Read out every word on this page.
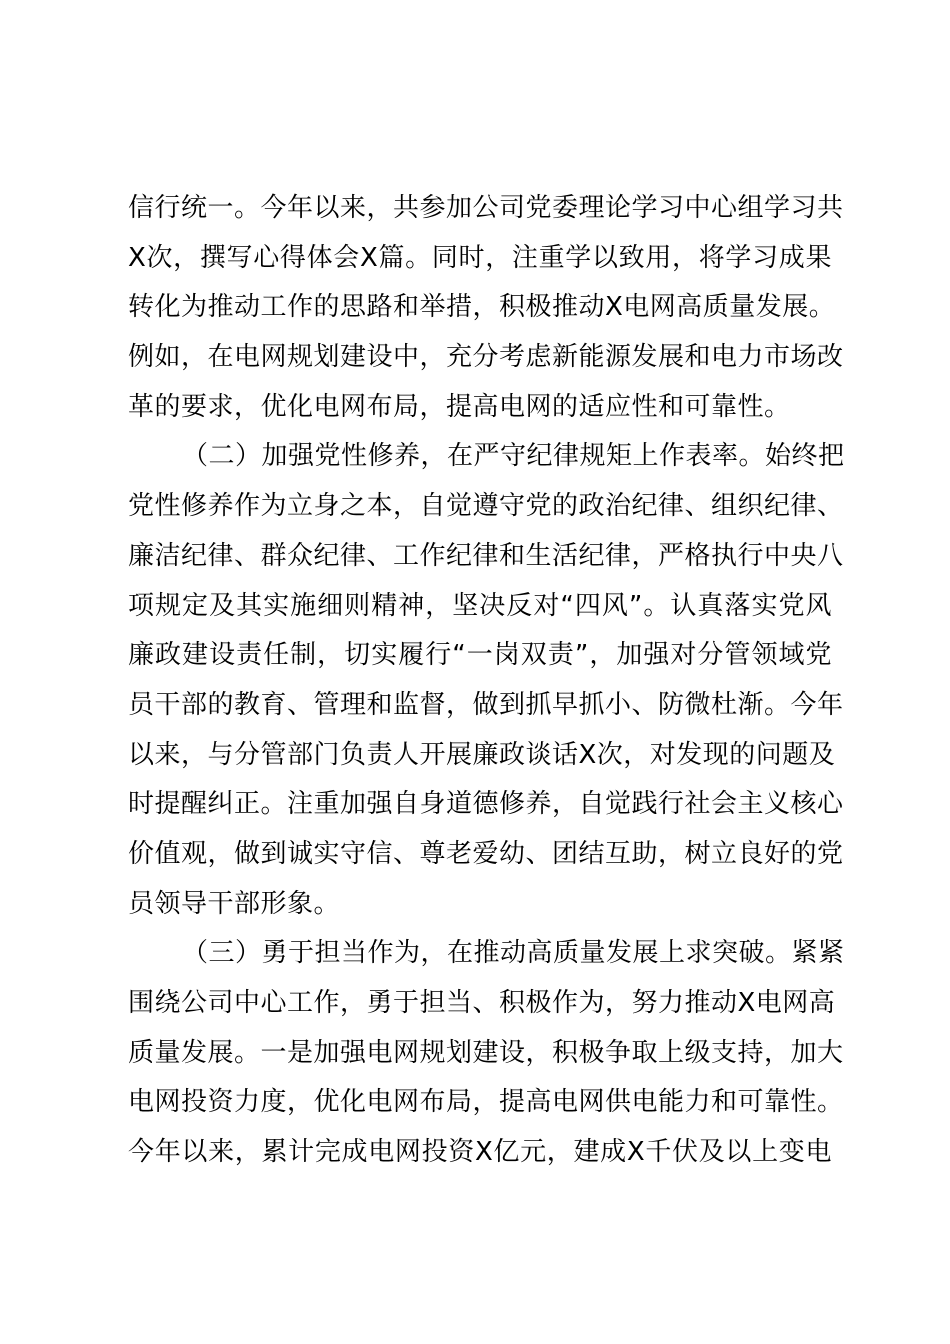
信行统一。今年以来，共参加公司党委理论学习中心组学习共
X次，撰写心得体会X篇。同时，注重学以致用，将学习成果
转化为推动工作的思路和举措，积极推动X电网高质量发展。
例如，在电网规划建设中，充分考虑新能源发展和电力市场改
革的要求，优化电网布局，提高电网的适应性和可靠性。
（二）加强党性修养，在严守纪律规矩上作表率。始终把
党性修养作为立身之本，自觉遵守党的政治纪律、组织纪律、
廉洁纪律、群众纪律、工作纪律和生活纪律，严格执行中央八
项规定及其实施细则精神，坚决反对“四风”。认真落实党风
廉政建设责任制，切实履行“一岗双责”，加强对分管领域党
员干部的教育、管理和监督，做到抓早抓小、防微杜渐。今年
以来，与分管部门负责人开展廉政谈话X次，对发现的问题及
时提醒纠正。注重加强自身道德修养，自觉践行社会主义核心
价值观，做到诚实守信、尊老爱幼、团结互助，树立良好的党
员领导干部形象。
（三）勇于担当作为，在推动高质量发展上求突破。紧紧
围绕公司中心工作，勇于担当、积极作为，努力推动X电网高
质量发展。一是加强电网规划建设，积极争取上级支持，加大
电网投资力度，优化电网布局，提高电网供电能力和可靠性。
今年以来，累计完成电网投资X亿元，建成X千伏及以上变电
